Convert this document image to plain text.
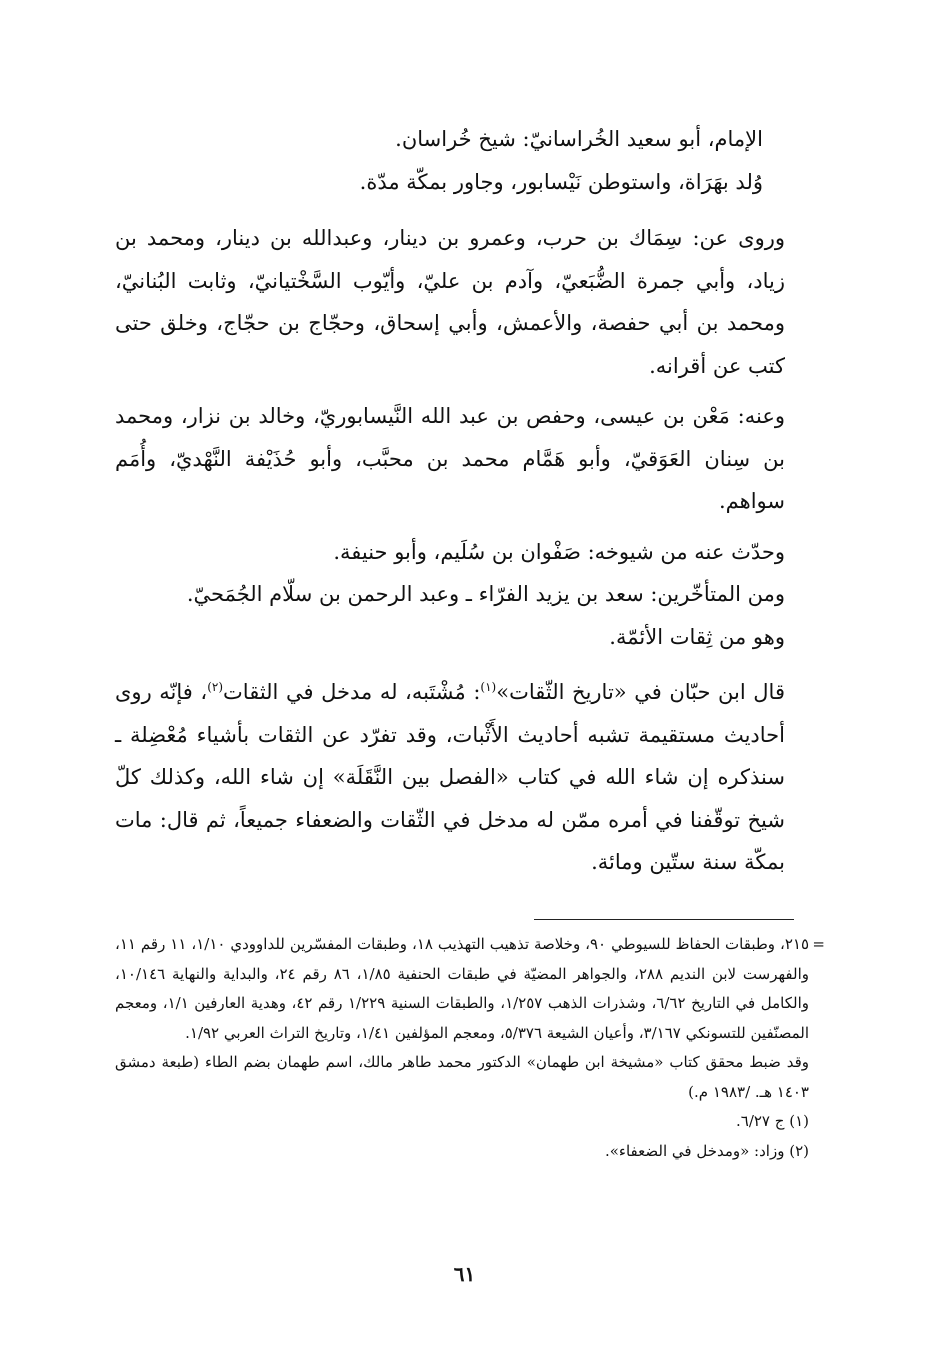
الإمام، أبو سعيد الخُراسانيّ: شيخ خُراسان.

وُلد بهَرَاة، واستوطن نَيْسابور، وجاور بمكّة مدّة.

وروى عن: سِمَاك بن حرب، وعمرو بن دينار، وعبدالله بن دينار، ومحمد بن زياد، وأبي جمرة الضُّبَعيّ، وآدم بن عليّ، وأيّوب السَّخْتيانيّ، وثابت البُنانيّ، ومحمد بن أبي حفصة، والأعمش، وأبي إسحاق، وحجّاج بن حجّاج، وخلق حتى كتب عن أقرانه.

وعنه: مَعْن بن عيسى، وحفص بن عبد الله النَّيسابوريّ، وخالد بن نزار، ومحمد بن سِنان العَوَقيّ، وأبو هَمَّام محمد بن محبَّب، وأبو حُذَيْفة النَّهْديّ، وأُمَم سواهم.

وحدّث عنه من شيوخه: صَفْوان بن سُلَيم، وأبو حنيفة.

ومن المتأخّرين: سعد بن يزيد الفرّاء ـ وعبد الرحمن بن سلّام الجُمَحيّ.

وهو من ثِقات الأئمّة.

قال ابن حبّان في «تاريخ الثّقات»$^{(١)}$: مُشْتَبه، له مدخل في الثقات$^{(٢)}$، فإنّه روى أحاديث مستقيمة تشبه أحاديث الأَثْبات، وقد تفرّد عن الثقات بأشياء مُعْضِلة ـ سنذكره إن شاء الله في كتاب «الفصل بين النَّقَلَة» إن شاء الله، وكذلك كلّ شيخ توقّفنا في أمره ممّن له مدخل في الثّقات والضعفاء جميعاً، ثم قال: مات بمكّة سنة ستّين ومائة.

=

٢١٥، وطبقات الحفاظ للسيوطي ٩٠، وخلاصة تذهيب التهذيب ١٨، وطبقات المفسّرين للداوودي ١/١٠، ١١ رقم ١١، والفهرست لابن النديم ٢٨٨، والجواهر المضيّة في طبقات الحنفية ١/٨٥، ٨٦ رقم ٢٤، والبداية والنهاية ١٠/١٤٦، والكامل في التاريخ ٦/٦٢، وشذرات الذهب ١/٢٥٧، والطبقات السنية ١/٢٢٩ رقم ٤٢، وهدية العارفين ١/١، ومعجم المصنّفين للتسونكي ٣/١٦٧، وأعيان الشيعة ٥/٣٧٦، ومعجم المؤلفين ١/٤١، وتاريخ التراث العربي ١/٩٢.

وقد ضبط محقق كتاب «مشيخة ابن طهمان» الدكتور محمد طاهر مالك، اسم طهمان بضم الطاء (طبعة دمشق ١٤٠٣ هـ. /١٩٨٣ م.)

(١) ج ٦/٢٧.

(٢) وزاد: «ومدخل في الضعفاء».

٦١
